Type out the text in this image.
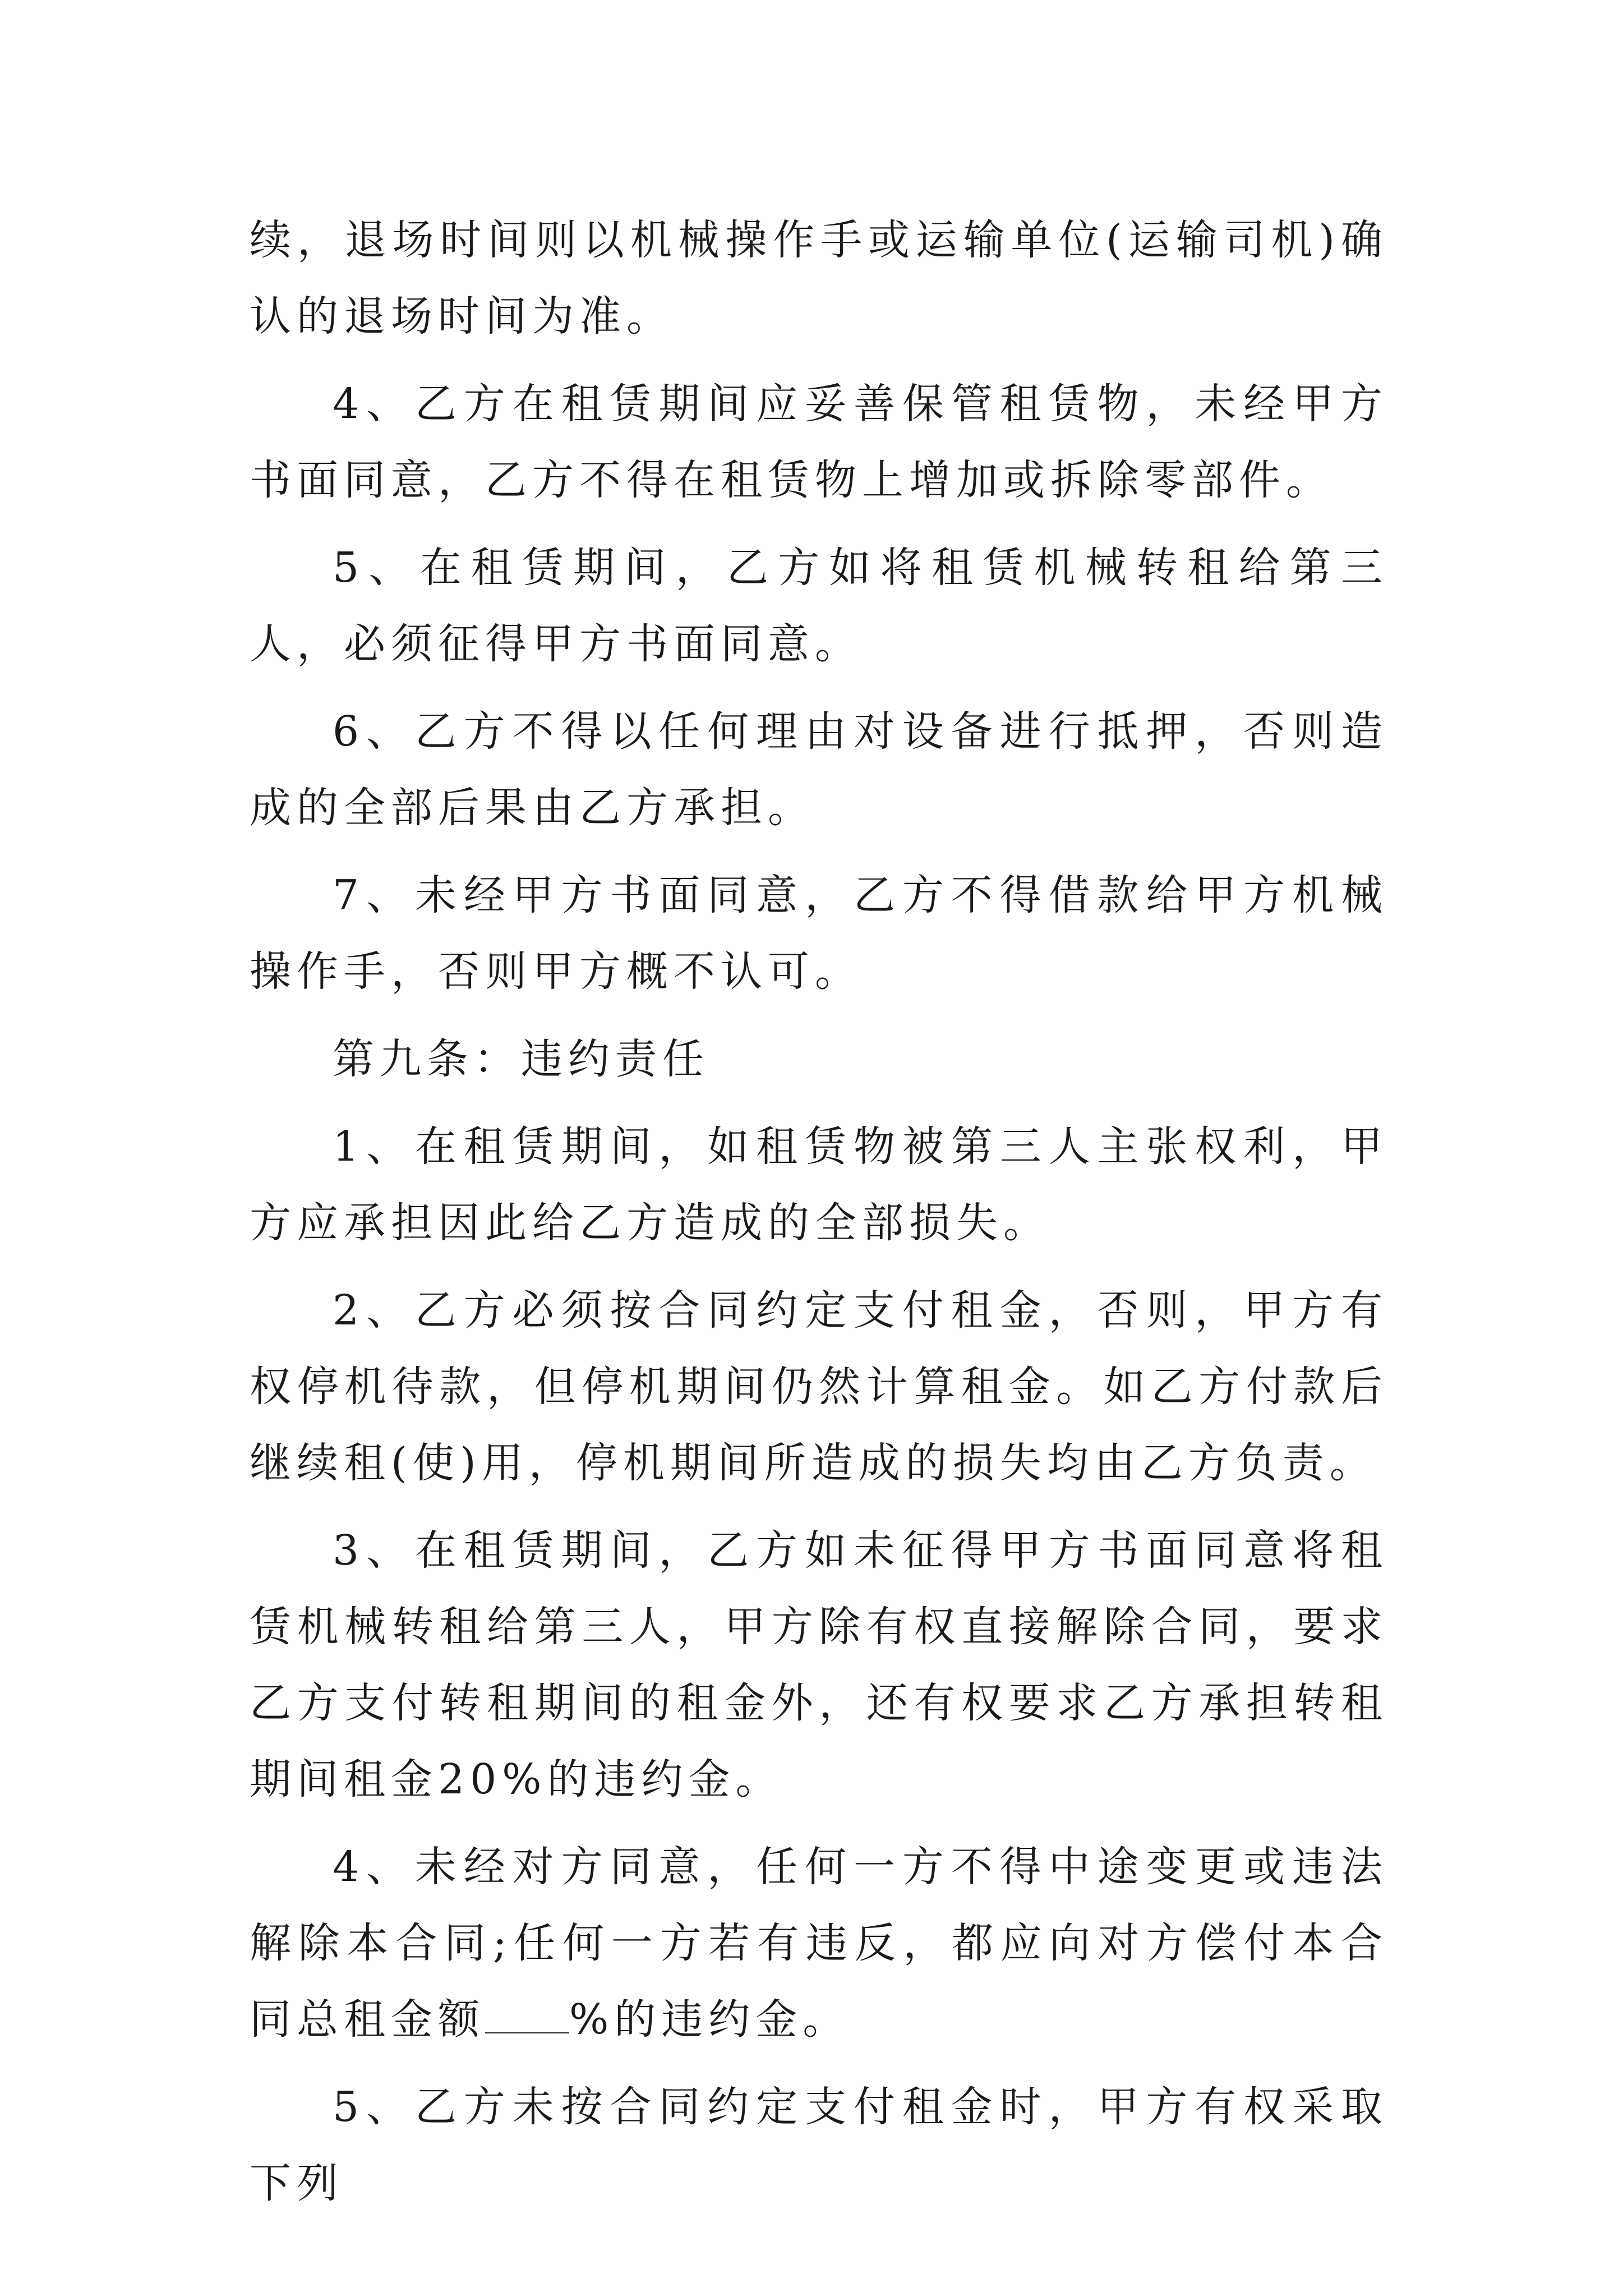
续，退场时间则以机械操作手或运输单位(运输司机)确认的退场时间为准。

4、乙方在租赁期间应妥善保管租赁物，未经甲方书面同意，乙方不得在租赁物上增加或拆除零部件。

5、在租赁期间，乙方如将租赁机械转租给第三人，必须征得甲方书面同意。

6、乙方不得以任何理由对设备进行抵押，否则造成的全部后果由乙方承担。

7、未经甲方书面同意，乙方不得借款给甲方机械操作手，否则甲方概不认可。

第九条：违约责任

1、在租赁期间，如租赁物被第三人主张权利，甲方应承担因此给乙方造成的全部损失。

2、乙方必须按合同约定支付租金，否则，甲方有权停机待款，但停机期间仍然计算租金。如乙方付款后继续租(使)用，停机期间所造成的损失均由乙方负责。

3、在租赁期间，乙方如未征得甲方书面同意将租赁机械转租给第三人，甲方除有权直接解除合同，要求乙方支付转租期间的租金外，还有权要求乙方承担转租期间租金20%的违约金。

4、未经对方同意，任何一方不得中途变更或违法解除本合同;任何一方若有违反，都应向对方偿付本合同总租金额 %的违约金。

5、乙方未按合同约定支付租金时，甲方有权采取下列
